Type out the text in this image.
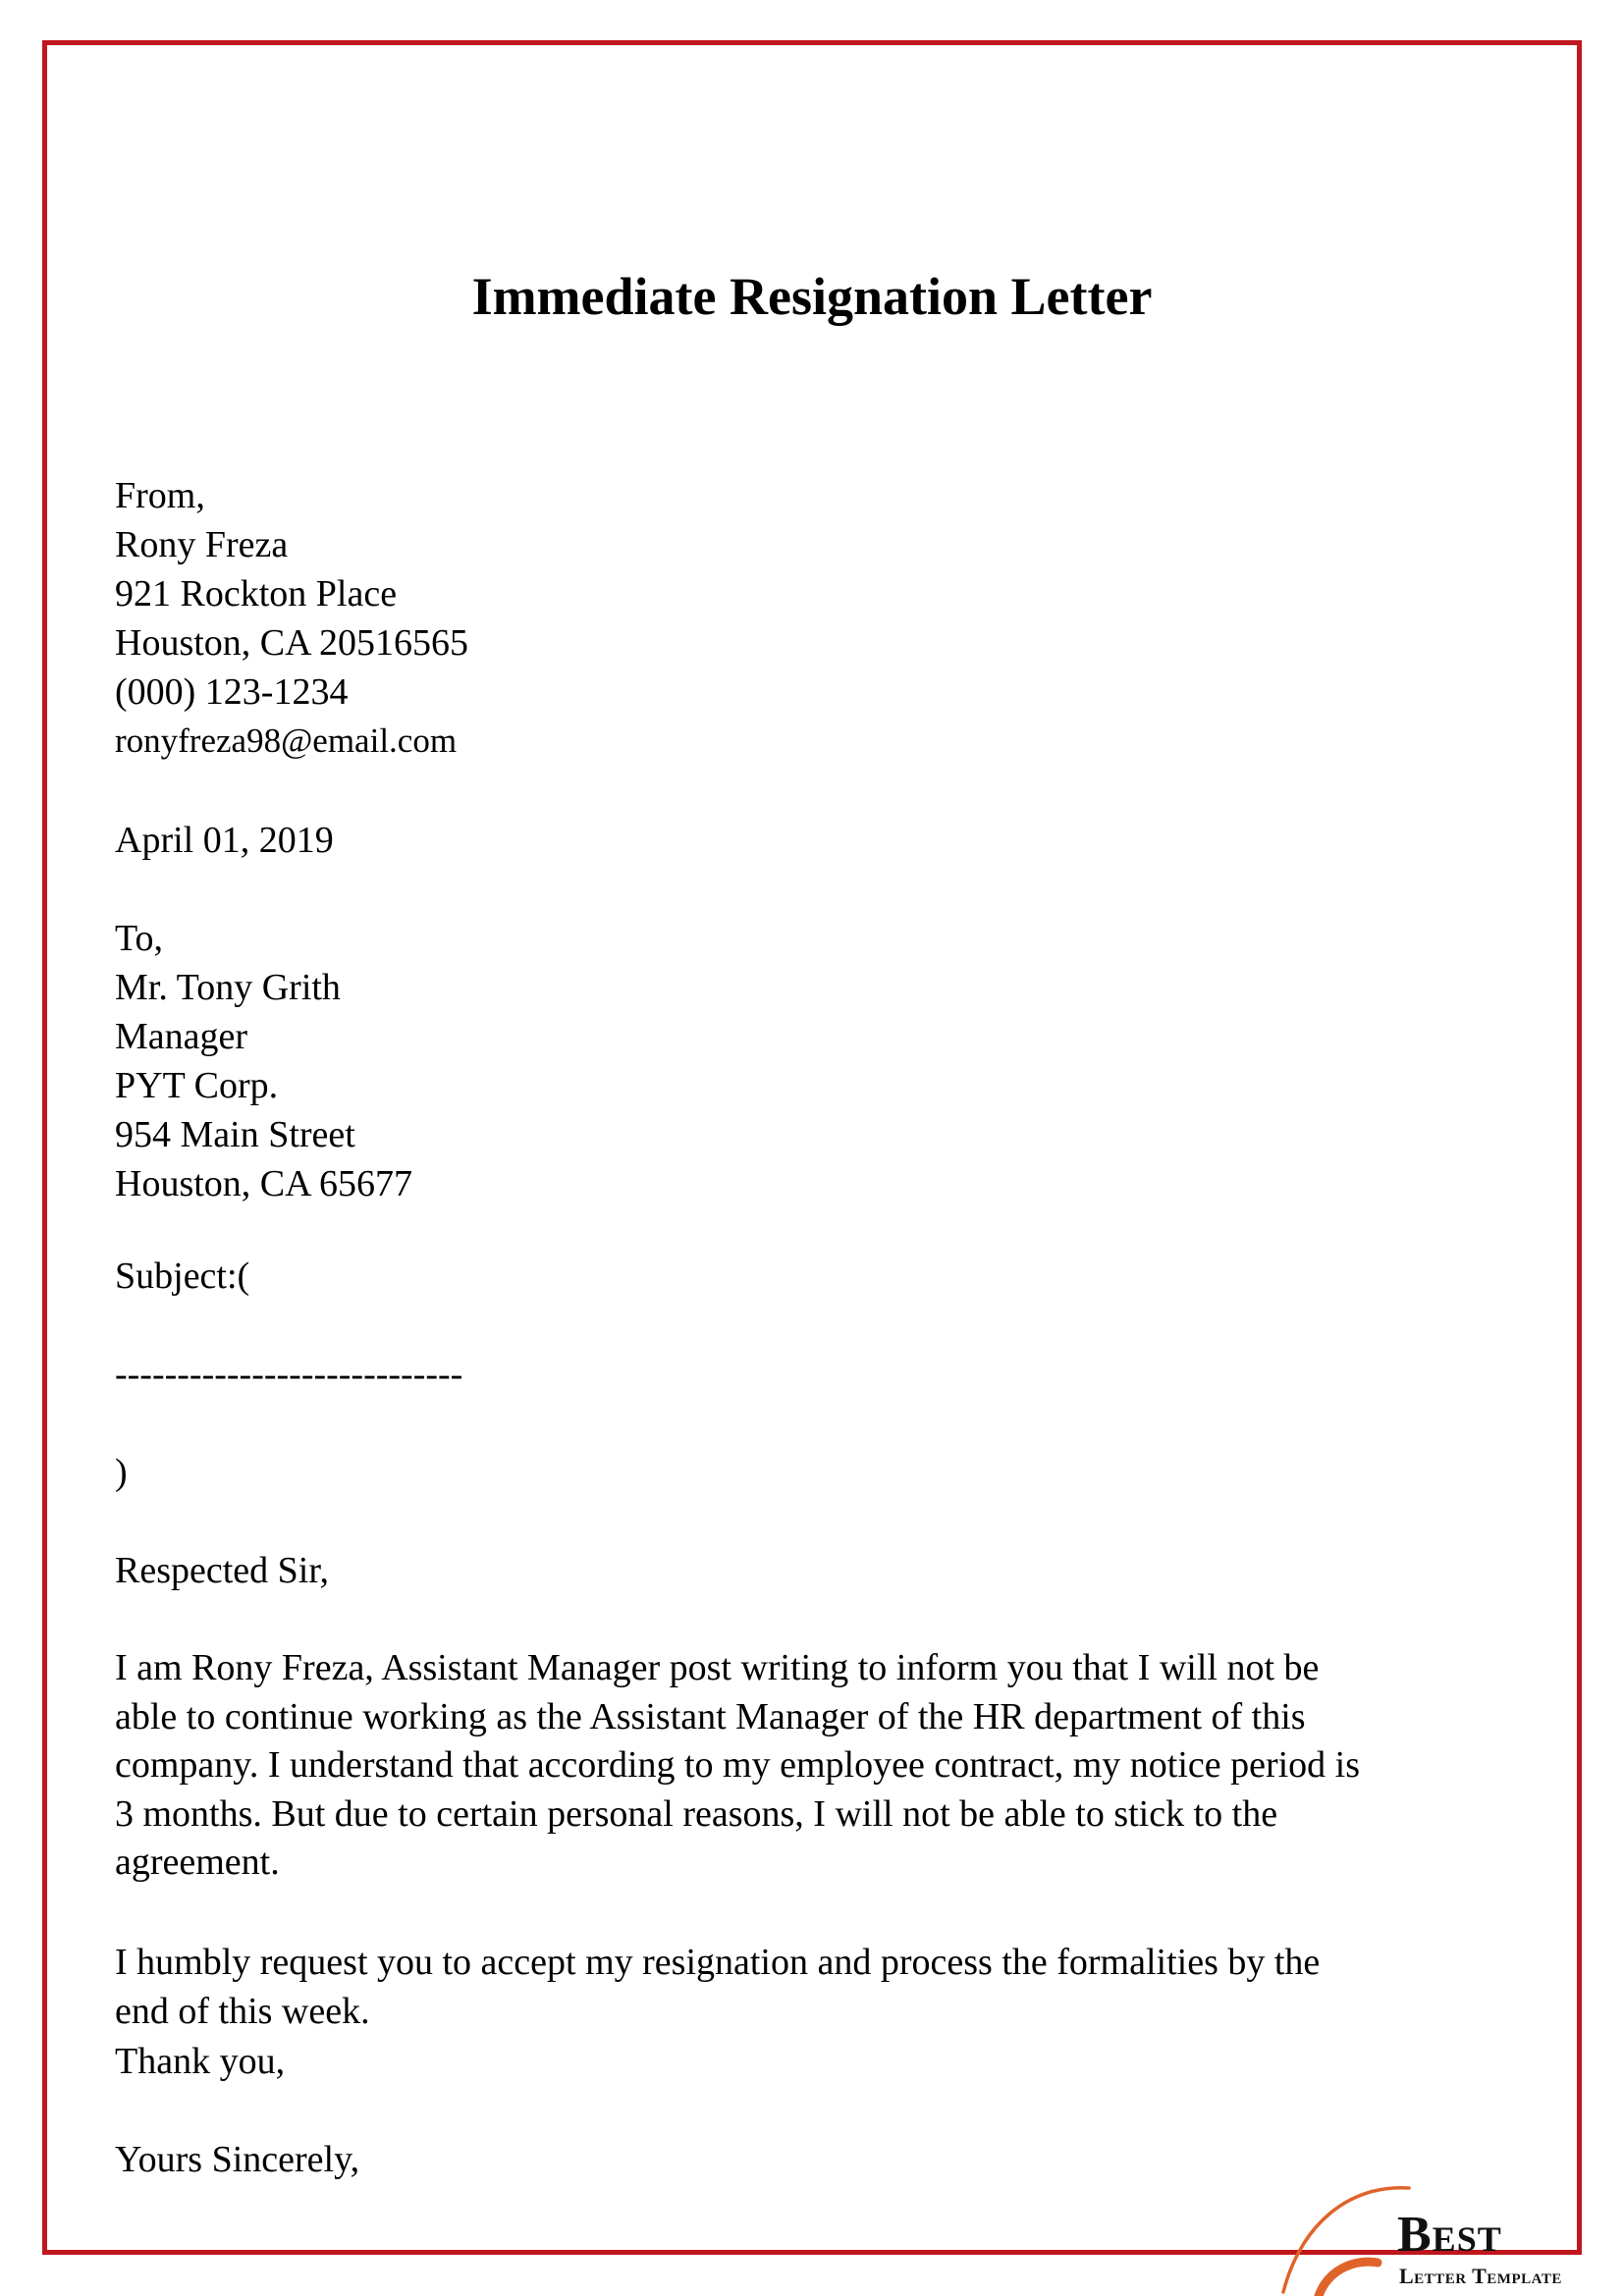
Immediate Resignation Letter
From,
Rony Freza
921 Rockton Place
Houston, CA 20516565
(000) 123-1234
ronyfreza98@email.com
April 01, 2019
To,
Mr. Tony Grith
Manager
PYT Corp.
954 Main Street
Houston, CA 65677
Subject:(
----------------------------
)
Respected Sir,
I am Rony Freza, Assistant Manager post writing to inform you that I will not be
able to continue working as the Assistant Manager of the HR department of this
company. I understand that according to my employee contract, my notice period is
3 months. But due to certain personal reasons, I will not be able to stick to the
agreement.
I humbly request you to accept my resignation and process the formalities by the
end of this week.
Thank you,
Yours Sincerely,
Best
Letter Template
